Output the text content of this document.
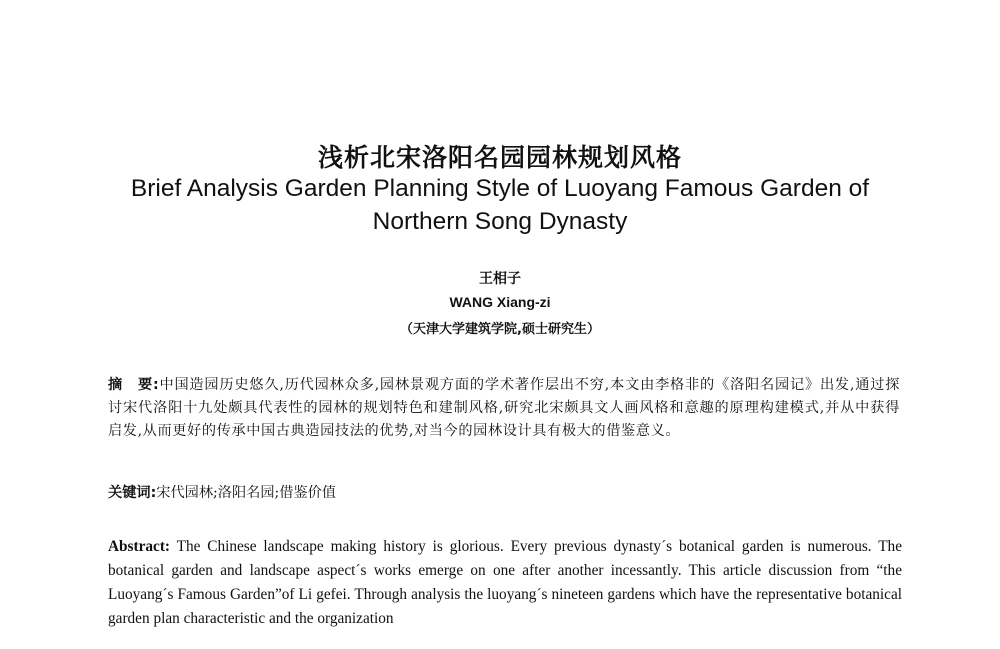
浅析北宋洛阳名园园林规划风格
Brief Analysis Garden Planning Style of Luoyang Famous Garden of Northern Song Dynasty
王相子
WANG Xiang-zi
（天津大学建筑学院,硕士研究生）
摘　要:中国造园历史悠久,历代园林众多,园林景观方面的学术著作层出不穷,本文由李格非的《洛阳名园记》出发,通过探讨宋代洛阳十九处颇具代表性的园林的规划特色和建制风格,研究北宋颇具文人画风格和意趣的原理构建模式,并从中获得启发,从而更好的传承中国古典造园技法的优势,对当今的园林设计具有极大的借鉴意义。
关键词:宋代园林;洛阳名园;借鉴价值
Abstract: The Chinese landscape making history is glorious. Every previous dynasty´s botanical garden is numerous. The botanical garden and landscape aspect´s works emerge on one after another incessantly. This article discussion from “the Luoyang´s Famous Garden”of Li gefei. Through analysis the luoyang´s nineteen gardens which have the representative botanical garden plan characteristic and the organization
